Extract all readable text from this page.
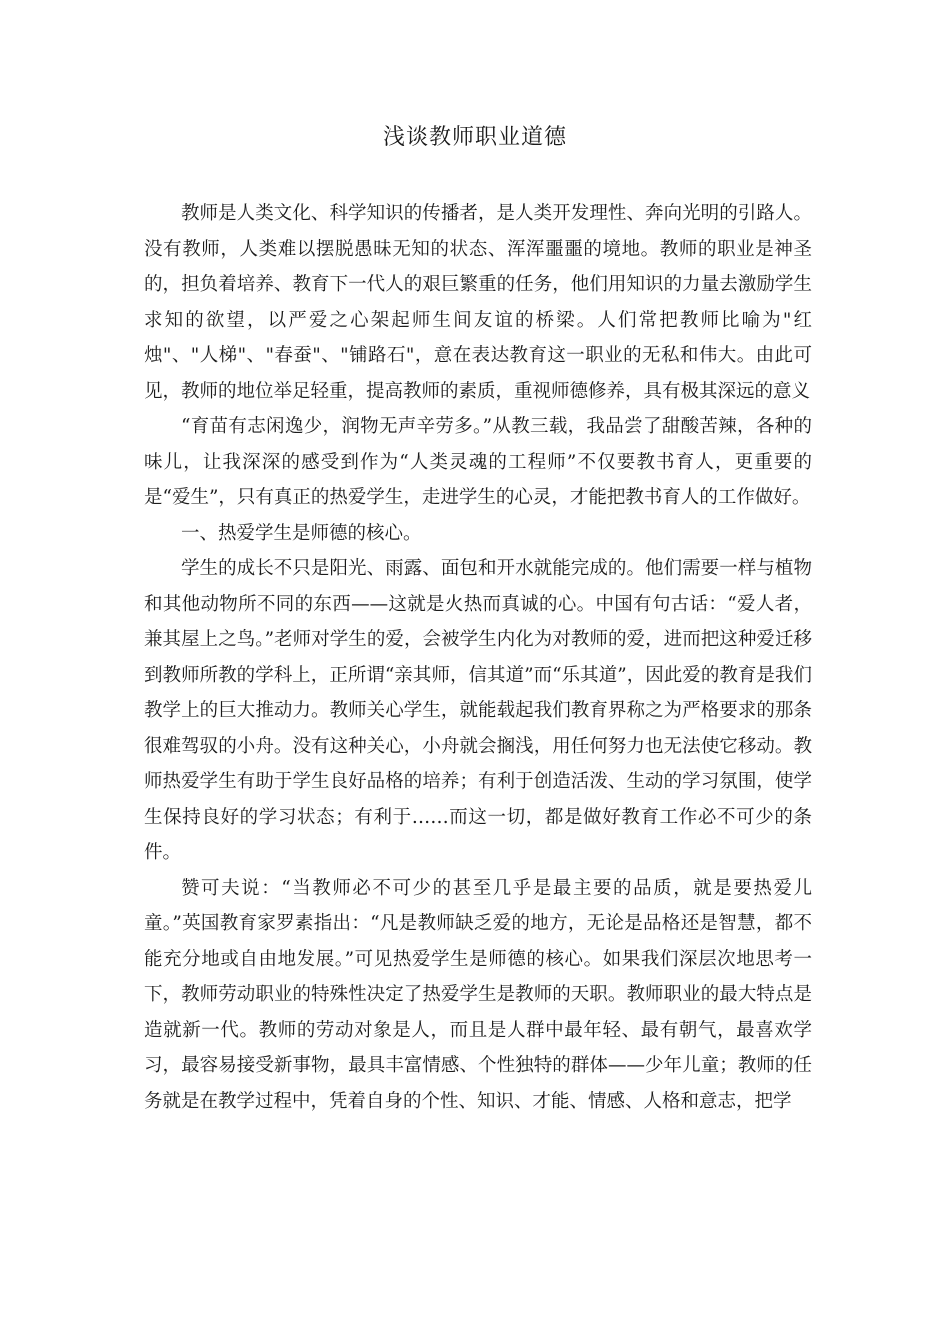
浅谈教师职业道德

教师是人类文化、科学知识的传播者，是人类开发理性、奔向光明的引路人。没有教师，人类难以摆脱愚昧无知的状态、浑浑噩噩的境地。教师的职业是神圣的，担负着培养、教育下一代人的艰巨繁重的任务，他们用知识的力量去激励学生求知的欲望，以严爱之心架起师生间友谊的桥梁。人们常把教师比喻为"红烛"、"人梯"、"春蚕"、"铺路石"，意在表达教育这一职业的无私和伟大。由此可见，教师的地位举足轻重，提高教师的素质，重视师德修养，具有极其深远的意义

“育苗有志闲逸少，润物无声辛劳多。”从教三载，我品尝了甜酸苦辣，各种的味儿，让我深深的感受到作为“人类灵魂的工程师”不仅要教书育人，更重要的是“爱生”，只有真正的热爱学生，走进学生的心灵，才能把教书育人的工作做好。

一、热爱学生是师德的核心。

学生的成长不只是阳光、雨露、面包和开水就能完成的。他们需要一样与植物和其他动物所不同的东西——这就是火热而真诚的心。中国有句古话：“爱人者，兼其屋上之鸟。”老师对学生的爱，会被学生内化为对教师的爱，进而把这种爱迁移到教师所教的学科上，正所谓“亲其师，信其道”而“乐其道”，因此爱的教育是我们教学上的巨大推动力。教师关心学生，就能载起我们教育界称之为严格要求的那条很难驾驭的小舟。没有这种关心，小舟就会搁浅，用任何努力也无法使它移动。教师热爱学生有助于学生良好品格的培养；有利于创造活泼、生动的学习氛围，使学生保持良好的学习状态；有利于……而这一切，都是做好教育工作必不可少的条件。

赞可夫说：“当教师必不可少的甚至几乎是最主要的品质，就是要热爱儿童。”英国教育家罗素指出：“凡是教师缺乏爱的地方，无论是品格还是智慧，都不能充分地或自由地发展。”可见热爱学生是师德的核心。如果我们深层次地思考一下，教师劳动职业的特殊性决定了热爱学生是教师的天职。教师职业的最大特点是造就新一代。教师的劳动对象是人，而且是人群中最年轻、最有朝气，最喜欢学习，最容易接受新事物，最具丰富情感、个性独特的群体——少年儿童；教师的任务就是在教学过程中，凭着自身的个性、知识、才能、情感、人格和意志，把学
